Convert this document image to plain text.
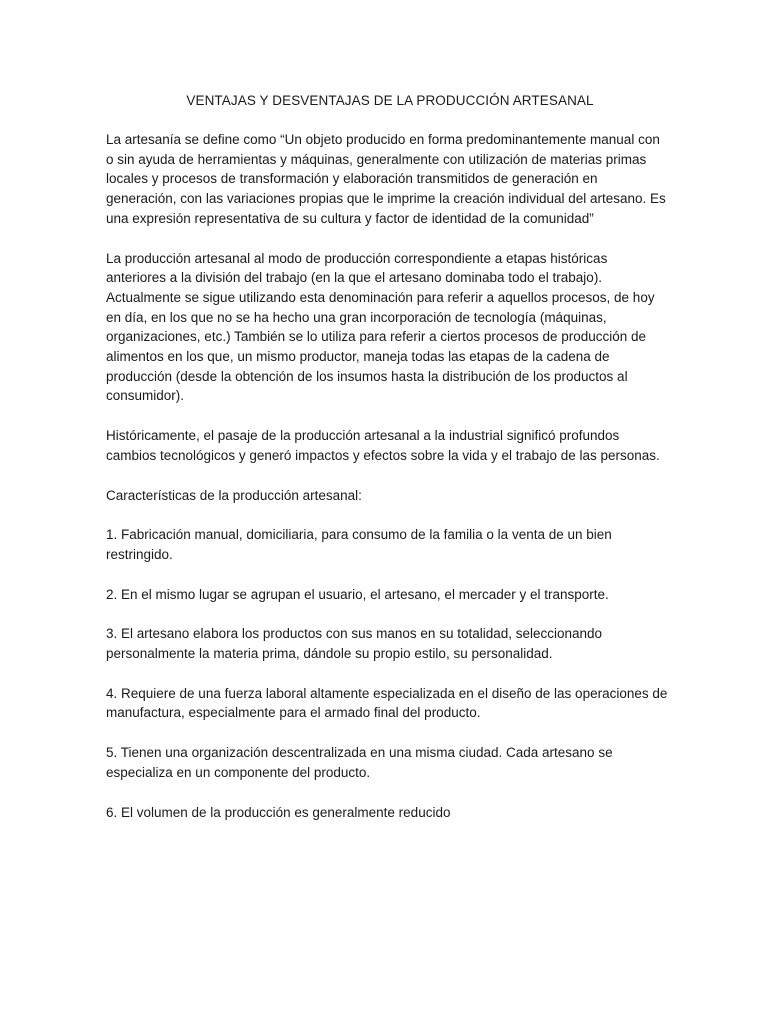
VENTAJAS Y DESVENTAJAS DE LA PRODUCCIÓN ARTESANAL

La artesanía se define como “Un objeto producido en forma predominantemente manual con o sin ayuda de herramientas y máquinas, generalmente con utilización de materias primas locales y procesos de transformación y elaboración transmitidos de generación en generación, con las variaciones propias que le imprime la creación individual del artesano. Es una expresión representativa de su cultura y factor de identidad de la comunidad”

La producción artesanal al modo de producción correspondiente a etapas históricas anteriores a la división del trabajo (en la que el artesano dominaba todo el trabajo). Actualmente se sigue utilizando esta denominación para referir a aquellos procesos, de hoy en día, en los que no se ha hecho una gran incorporación de tecnología (máquinas, organizaciones, etc.) También se lo utiliza para referir a ciertos procesos de producción de alimentos en los que, un mismo productor, maneja todas las etapas de la cadena de producción (desde la obtención de los insumos hasta la distribución de los productos al consumidor).

Históricamente, el pasaje de la producción artesanal a la industrial significó profundos cambios tecnológicos y generó impactos y efectos sobre la vida y el trabajo de las personas.

Características de la producción artesanal:

1. Fabricación manual, domiciliaria, para consumo de la familia o la venta de un bien restringido.

2. En el mismo lugar se agrupan el usuario, el artesano, el mercader y el transporte.

3. El artesano elabora los productos con sus manos en su totalidad, seleccionando personalmente la materia prima, dándole su propio estilo, su personalidad.

4. Requiere de una fuerza laboral altamente especializada en el diseño de las operaciones de manufactura, especialmente para el armado final del producto.

5. Tienen una organización descentralizada en una misma ciudad. Cada artesano se especializa en un componente del producto.

6. El volumen de la producción es generalmente reducido
